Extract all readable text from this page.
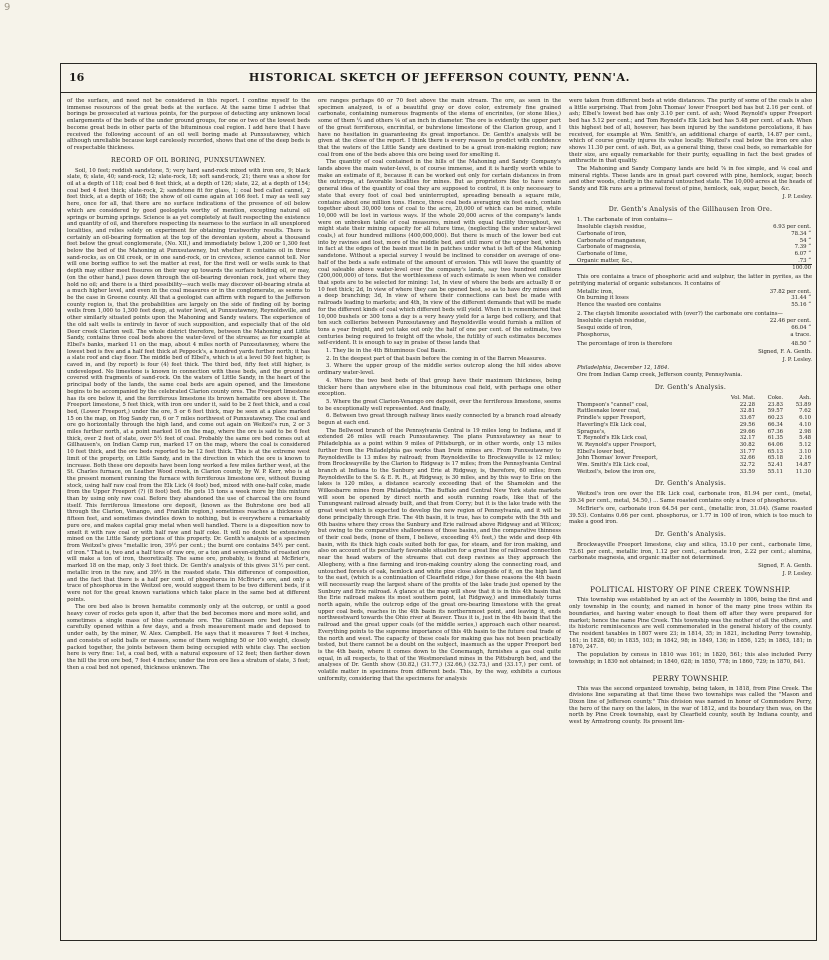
16	HISTORICAL SKETCH OF JEFFERSON COUNTY, PENN'A.

of the surface, and need not be considered in this report. I confine myself to the immense resources of the great beds at the surface. At the same time I advise that borings be prosecuted at various points, for the purpose of detecting any unknown local enlargements of the beds of the under ground groups, for one or two of the lowest beds become great beds in other parts of the bituminous coal region. I add here that I have received the following account of an oil well boring made at Punxsutawney, which although unreliable because kept carelessly recorded, shows that one of the deep beds is of respectable thickness.

RECORD OF OIL BORING, PUNXSUTAWNEY.

Soil, 10 feet; reddish sandstone, 5; very hard sand-rock mixed with iron ore, 9; black slate, 6; slate, 40; sand-rock, 12; slate-rock, 18; soft sand-rock, 21; there was a show for oil at a depth of 118; coal bed 6 feet thick, at a depth of 126; slate, 22, at a depth of 154; coal bed 4 feet thick; slate-rock, 2; sandstone fit for glass, 1; coal bed called cannel, 2 feet thick, at a depth of 168; the show of oil came again at 166 feet. I may as well say here, once for all, that there are no surface indications of the presence of oil below which are considered by good geologists worthy of mention, excepting natural oil springs or burning springs. Science is as yet completely at fault respecting the existence and quantity of oil, and therefore respecting its nearness to the surface in all unexplored localities, and relies solely on experiment for obtaining trustworthy results. There is certainly an oil-bearing formation at the top of the devonian system, about a thousand feet below the great conglomerate, (No. XII,) and immediately below 1,200 or 1,300 feet below the bed of the Mahoning at Punxsutawney, but whether it contains oil in three sand-rocks, as on Oil creek, or in one sand-rock, or in crevices, science cannot tell. Nor will one boring suffice to set the matter at rest, for the first well or wells sunk to that depth may either meet fissures on their way up towards the surface holding oil, or may, (on the other hand,) pass down through the oil-bearing devonian rock, just where they hold no oil; and there is a third possibility—such wells may discover oil-bearing strata at a much higher level, and even in the coal measures or in the conglomerate, as seems to be the case in Greene county. All that a geologist can affirm with regard to the Jefferson county region is, that the probabilities are largely on the side of finding oil by boring wells from 1,000 to 1,300 feet deep, at water level, at Punxsutawney, Reynoldsville, and other similarly situated points upon the Mahoning and Sandy waters. The experience of the old salt wells is entirely in favor of such supposition, and especially that of the old Deer creek Clarion well. The whole district therefore, between the Mahoning and Little Sandy, contains three coal beds above the water-level of the streams; as for example at Elbel's banks, marked 11 on the map, about 4 miles north of Punxsutawney, where the lowest bed is five and a half feet thick at Peppock's, a hundred yards further north; it has a slate roof and clay floor. The middle bed of Elbel's, which is at a level 50 feet higher, is caved in, and (by report) is four (4) feet thick. The third bed, fifty feet still higher, is undeveloped. No limestone is known in connection with these beds, and the ground is covered with fragments of sand-rock. On the waters of Little Sandy, in the heart of the principal body of the lands, the same coal beds are again opened, and the limestone begins to be accompanied by the celebrated Clarion county ores. The Freeport limestone has its ore below it, and the ferriferous limestone its brown hematite ore above it. The Freeport limestone, 5 feet thick, with iron ore under it, said to be 2 feet thick, and a coal bed, (Lower Freeport,) under the ore, 5 or 6 feet thick, may be seen at a place marked 15 on the map, on Hog Sandy run, 6 or 7 miles northwest of Punxsutawney. The coal and ore go horizontally through the high land, and come out again on Weitzel's run, 2 or 3 miles further north, at a point marked 16 on the map, where the ore is said to be 6 feet thick, over 2 feet of slate, over 5½ feet of coal. Probably the same ore bed comes out at Gillhausen's, on Indian Camp run, marked 17 on the map, where the coal is considered 10 feet thick, and the ore beds reported to be 12 feet thick. This is at the extreme west limit of the property, on Little Sandy, and in the direction in which the ore is known to increase. Both these ore deposits have been long worked a few miles farther west, at the St. Charles furnace, on Leather Wood creek, in Clarion county, by W. P. Kerr, who is at the present moment running the furnace with ferriferous limestone ore, without fluxing stock, using half raw coal from the Elk Lick (4 foot) bed, mixed with one-half coke, made from the Upper Freeport (?) (8 foot) bed. He gets 15 tons a week more by this mixture than by using only raw coal. Before they abandoned the use of charcoal the ore found itself. This ferriferous limestone ore deposit, (known as the Buhrstone ore bed all through the Clarion, Venango, and Franklin region,) sometimes reaches a thickness of fifteen feet, and sometimes dwindles down to nothing, but is everywhere a remarkably pure ore, and makes capital gray metal when well handled. There is a disposition now to smelt it with raw coal or with half raw and half coke. It will no doubt be extensively mined on the Little Sandy portions of this property. Dr. Genth's analysis of a specimen from Weitzel's gives "metallic iron, 39½ per cent.; the burnt ore contains 54½ per cent. of iron." That is, two and a half tons of raw ore, or a ton and seven-eighths of roasted ore will make a ton of iron, theoretically. The same ore, probably, is found at McBrier's, marked 18 on the map, only 3 feet thick. Dr. Genth's analysis of this gives 31½ per cent. metallic iron in the raw, and 39½ in the roasted state. This difference of composition, and the fact that there is a half per cent. of phosphorus in McBrier's ore, and only a trace of phosphorus in the Weitzel ore, would suggest them to be two different beds, if it were not for the great known variations which take place in the same bed at different points.

The ore bed also is brown hematite commonly only at the outcrop, or until a good heavy cover of rocks gets upon it, after that the bed becomes more and more solid, and sometimes a single mass of blue carbonate ore. The Gillhausen ore bed has been carefully opened within a few days, and a fresh measurement made and deposed to under oath, by the miner, W. Alex. Campbell. He says that it measures 7 feet 4 inches, and consists of solid balls or masses, some of them weighing 50 or 100 weight, closely packed together, the joints between them being occupied with white clay. The section here is very fine: 1st, a coal bed, with a natural exposure of 12 feet; then farther down the hill the iron ore bed, 7 feet 4 inches; under the iron ore lies a stratum of slate, 3 feet; then a coal bed not opened, thickness unknown. The

ore ranges perhaps 60 or 70 feet above the main stream. The ore, as seen in the specimen analyzed, is of a beautiful gray or dove color, extremely fine grained carbonate, containing numerous fragments of the stems of encrinites, (or stone lilies,) some of them ¼ and others ⅛ of an inch in diameter. The ore is evidently the upper part of the great ferriferous, encrinital, or buhrstone limestone of the Clarion group, and I have no hesitation in guaranteeing its great importance. Dr. Genth's analysis will be given at the close of the report. I think there is every reason to predict with confidence that the waters of the Little Sandy are destined to be a great iron-making region; raw coal from one of the beds above this ore being used for smelting it.

The quantity of coal contained in the hills of the Mahoning and Sandy Company's lands above the main water-level, is of course immense, and it is hardly worth while to make an estimate of it, because it can be worked out only for certain distances in from the outcrops, at favorable localities for mines. But as proprietors like to have some general idea of the quantity of coal they are supposed to control, it is only necessary to state that every foot of coal bed uninterrupted, spreading beneath a square mile, contains about one million tons. Hence, three coal beds averaging six feet each, contain together about 30,000 tons of coal to the acre, 20,000 of which can be mined, while 10,000 will be lost in various ways. If the whole 20,000 acres of the company's lands were on unbroken table of coal measures, mined with equal facility throughout, we might state their mining capacity for all future time, (neglecting the under water-level coals,) at four hundred millions (400,000,000). But there is much of the lower bed cut into by ravines and lost, more of the middle bed, and still more of the upper bed, which in fact at the edges of the basin must lie in patches under what is left of the Mahoning sandstone. Without a special survey I would be inclined to consider on average of one-half of the beds a safe estimate of the amount of erosion. This will leave the quantity of coal saleable above water-level over the company's lands, say two hundred millions (200,000,000) of tons. But the worthlessness of such estimate is seen when we consider that spots are to be selected for mining: 1st, In view of where the beds are actually 8 or 10 feet thick; 2d, In view of where they can be opened best, so as to have dry mines and a deep branching; 3d, In view of where their connections can best be made with railroads leading to markets; and 4th, In view of the different demands that will be made for the different kinds of coal which different beds will yield. When it is remembered that 10,000 bushels or 300 tons a day is a very heavy yield for a large bed colliery, and that ten such collieries between Punxsutawney and Reynoldsville would furnish a million of tons a year freight, and yet take out only the half of one per cent. of the estimate, two centuries being required to freight off the whole, the futility of such estimates becomes self-evident. It is enough to say in praise of these lands that

1. They lie in the 4th Bituminous Coal Basin.

2. In the deepest part of that basin before the coming in of the Barren Measures.

3. Where the upper group of the middle series outcrop along the hill sides above ordinary water-level.

4. Where the two best beds of that group have their maximum thickness, being thicker here than anywhere else in the bituminous coal field, with perhaps one other exception.

5. Where the great Clarion-Venango ore deposit, over the ferriferous limestone, seems to be exceptionally well represented. And finally,

6. Between two great through railway lines easily connected by a branch road already begun at each end.

The Bellwood branch of the Pennsylvania Central is 19 miles long to Indiana, and if extended 26 miles will reach Punxsutawney. The plans Punxsutawney as near to Philadelphia as a point within 9 miles of Pittsburgh, or in other words, only 13 miles further from the Philadelphia gas works than Irwin mines are. From Punxsutawney to Reynoldsville is 13 miles by railroad; from Reynoldsville to Brockwayville is 12 miles; from Brockwayville by the Clarion to Ridgway is 17 miles; from the Pennsylvania Central branch at Indiana to the Sunbury and Erie at Ridgway, is, therefore, 60 miles; from Reynoldsville to the S. & E. R. R., at Ridgway, is 30 miles, and by this way to Erie on the lakes is 120 miles, a distance scarcely exceeding that of the Shamokin and the Wilkesbarre mines from Philadelphia. The Buffalo and Central New York state markets will soon be opened by direct north and south running roads, like that of the Tunungwant railroad already built, and that from Corry; but it is the lake trade with the great west which is expected to develop the new region of Pennsylvania, and it will be done principally through Erie. The 4th basin, it is true, has to compete with the 5th and 6th basins where they cross the Sunbury and Erie railroad above Ridgway and at Wilcox; but owing to the comparative shallowness of those basins, and the comparative thinness of their coal beds, (none of them, I believe, exceeding 4½ feet,) the wide and deep 4th basin, with its thick high coals suited both for gas, for steam, and for iron making, and also on account of its peculiarly favorable situation for a great line of railroad connection near the head waters of the streams that cut deep ravines as they approach the Allegheny, with a fine farming and iron-making country along the connecting road, and untouched forests of oak, hemlock and white pine close alongside of it, on the high land to the east, (which is a continuation of Clearfield ridge,) for these reasons the 4th basin will necessarily reap the largest share of the profits of the lake trade just opened by the Sunbury and Erie railroad. A glance at the map will show that it is in this 4th basin that the Erie railroad makes its most southern point, (at Ridgway,) and immediately turns north again, while the outcrop edge of the great ore-bearing limestone with the great upper coal beds, reaches in the 4th basin its northernmost point, and leaving it, ends northwestward towards the Ohio river at Beaver. Thus it is, just in the 4th basin that the railroad and the great upper coals (of the middle series,) approach each other nearest. Everything points to the supreme importance of this 4th basin to the future coal trade of the north and west. The capacity of these coals for making gas has not been practically tested, but there cannot be a doubt on the subject, inasmuch as the upper Freeport bed is the 4th basin, where it comes down to the Conemaugh, furnishes a gas coal quite equal, in all respects, to that of the Westmoreland mines in the Pittsburgh bed, and the analyses of Dr. Genth show (30.82,) (31.77,) (32.66,) (32.73,) and (33.17,) per cent. of volatile matter in specimens from different beds. This, by the way, exhibits a curious uniformity, considering that the specimens for analysis

were taken from different beds at wide distances. The purity of some of the coals is also a little surprising. That from John Thomas' lower Freeport bed has but 2.16 per cent. of ash; Elbel's lowest bed has only 3.10 per cent. of ash; Wood Reynold's upper Freeport bed has 5.12 per cent.; and Tom Reynold's Elk Lick bed has 5.48 per cent. of ash. When this highest bed of all, however, has been injured by the sandstone percolations, it has received, for example at Wm. Smith's, an additional charge of earth, 14.87 per cent., which of course greatly injures its value locally. Weitzel's coal below the iron ore also shows 11.30 per cent. of ash. But, as a general thing, these coal beds, so remarkable for their size, are equally remarkable for their purity, equalling in fact the best grades of anthracite in that quality.

The Mahoning and Sandy Company lands are held ⅞ in fee simple, and ⅛ coal and mineral rights. These lands are in great part covered with pine, hemlock, sugar, beech and other woods, chiefly in the natural untouched state. The 10,000 acres at the heads of Sandy and Elk runs are a primeval forest of pine, hemlock, oak, sugar, beech, &c.

J. P. Lesley.

Dr. Genth's Analysis of the Gillhausen Iron Ore.

1. The carbonate of iron contains—

Insoluble clayish residue,	6.93 per cent.
Carbonate of iron,	78.34 “
Carbonate of manganese,	54 “
Carbonate of magnesia,	7.39 “
Carbonate of lime,	6.07 “
Organic matter, &c.,	.73 “
	100.00

This ore contains a trace of phosphoric acid and sulphur, the latter in pyrites, as the petrifying material of organic substances. It contains of

Metallic iron,	37.82 per cent.
On burning it loses	31.44 “
Hence the wasted ore contains	55.16 “

2. The clayish limonite associated with (over?) the carbonate ore contains—

Insoluble clayish residue,	22.46 per cent.
Sesqui oxide of iron,	66.04 “
Phosphorus,	a trace.
The percentage of iron is therefore	48.50 “

Signed, F. A. Genth.

J. P. Lesley.

Philadelphia, December 12, 1864.

Ore from Indian Camp creek, Jefferson county, Pennsylvania.

Dr. Genth's Analysis.
	Vol. Mat.	Coke.	Ash.
Thompson's "cannel" coal,	22.28	23.83	53.89
Rattlesnake lower coal,	32.81	59.57	7.62
Prindle's upper Freeport,	33.67	60.23	6.10
Haverling's Elk Lick coal,	29.56	66.34	4.10
Sprague's,	29.66	67.36	2.98
T. Reynold's Elk Lick coal,	32.17	61.35	5.48
W. Reynold's upper Freeport,	30.82	64.06	5.12
Elbel's lower bed,	31.77	65.13	3.10
John Thomas' lower Freeport,	32.66	65.18	2.16
Wm. Smith's Elk Lick coal,	32.72	52.41	14.87
Weitzel's, below the iron ore,	33.59	55.11	11.30
Dr. Genth's Analysis.

Weitzel's iron ore over the Elk Lick coal, carbonate iron, 81.94 per cent., (metal, 39.34 per cent., metal, 54.50,) ... Same roasted contains only a trace of phosphorus.

McBrier's ore, carbonate iron 64.54 per cent., (metallic iron, 31.04). (Same roasted 39.53). Contains 0.66 per cent. phosphorus, or 1.77 in 100 of iron, which is too much to make a good iron.

Dr. Genth's Analysis.

Brockwayville Freeport limestone, clay and silica, 15.10 per cent., carbonate lime, 73.61 per cent., metallic iron, 1.12 per cent., carbonate iron, 2.22 per cent.; alumina, carbonate magnesia, and organic matter not determined.

Signed, F. A. Genth.

J. P. Lesley.

POLITICAL HISTORY OF PINE CREEK TOWNSHIP.

This township was established by an act of the Assembly in 1806, being the first and only township in the county, and named in honor of the many pine trees within its boundaries, and having water enough to float them off after they were prepared for market; hence the name Pine Creek. This township was the mother of all the others, and its historic reminiscences are well commemorated in the general history of the county. The resident taxables in 1807 were 23; in 1814, 35; in 1821, including Perry township, 161; in 1828, 60; in 1835, 103; in 1842, 98; in 1849, 136; in 1856, 125; in 1863, 181; in 1870, 247.

The population by census in 1810 was 161; in 1820, 561; this also included Perry township; in 1830 not obtained; in 1840, 628; in 1850, 778; in 1860, 729; in 1870, 841.

PERRY TOWNSHIP.

This was the second organized township, being taken, in 1818, from Pine Creek. The divisions line separating at that time these two townships was called the "Mason and Dixon line of Jefferson county." This division was named in honor of Commodore Perry, the hero of the navy on the lakes, in the war of 1812, and its boundary then was, on the north by Pine Creek township, east by Clearfield county, south by Indiana county, and west by Armstrong county. Its present lim-

9
